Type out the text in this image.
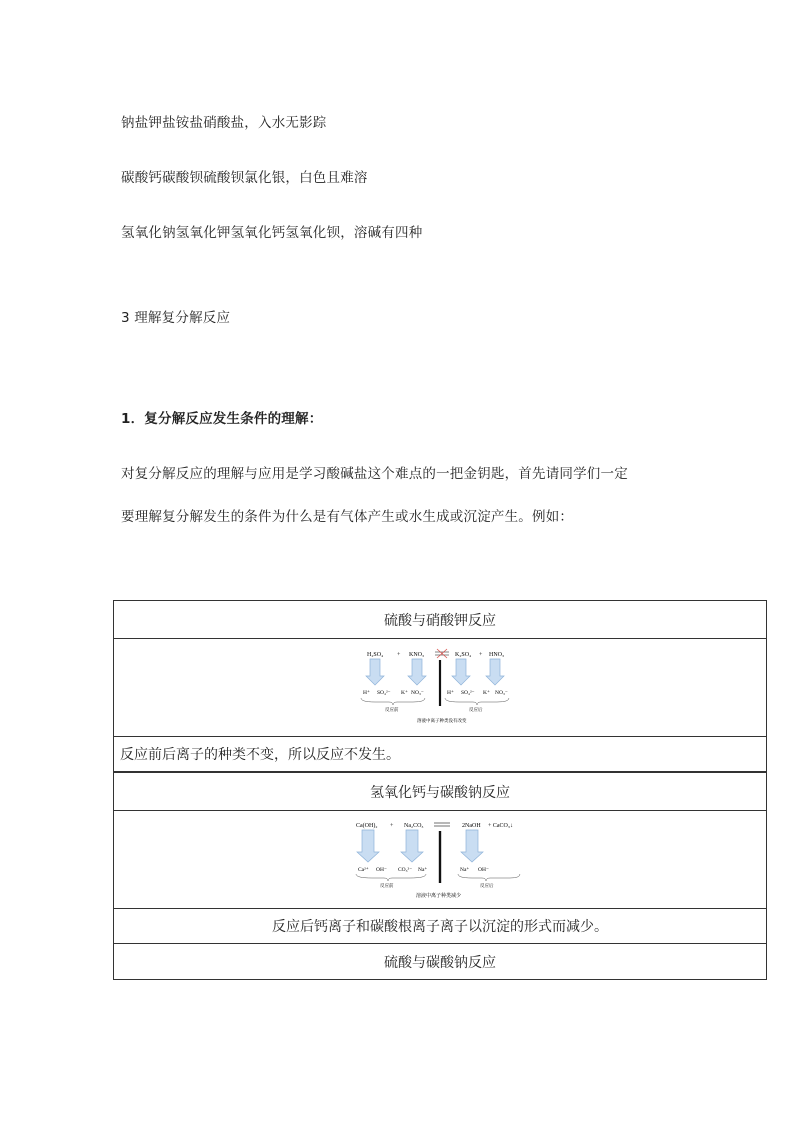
钠盐钾盐铵盐硝酸盐，入水无影踪
碳酸钙碳酸钡硫酸钡氯化银，白色且难溶
氢氧化钠氢氧化钾氢氧化钙氢氧化钡，溶碱有四种
3 理解复分解反应
1．复分解反应发生条件的理解：
对复分解反应的理解与应用是学习酸碱盐这个难点的一把金钥匙，首先请同学们一定
要理解复分解发生的条件为什么是有气体产生或水生成或沉淀产生。例如：
硫酸与硝酸钾反应
H₂SO₄ + KNO₃	K₂SO₄ + HNO₃
H⁺ SO₄²⁻ K⁺ NO₃⁻	H⁺ SO₄²⁻ K⁺ NO₃⁻
反应前	反应后
溶液中离子种类没有改变
反应前后离子的种类不变，所以反应不发生。
氢氧化钙与碳酸钠反应
Ca(OH)₂ + Na₂CO₃	2NaOH + CaCO₃↓
Ca²⁺ OH⁻ CO₃²⁻ Na⁺	Na⁺ OH⁻
反应前	反应后
溶液中离子种类减少
反应后钙离子和碳酸根离子离子以沉淀的形式而减少。
硫酸与碳酸钠反应
